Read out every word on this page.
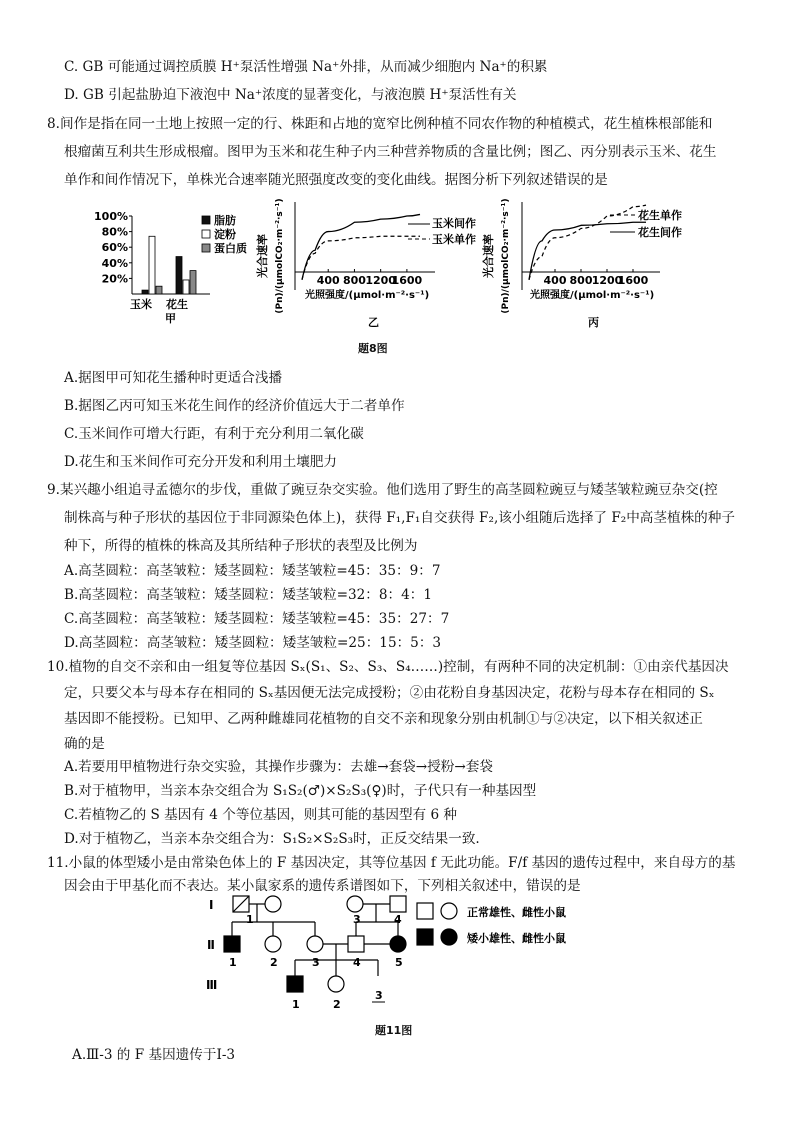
C. GB 可能通过调控质膜 H⁺泵活性增强 Na⁺外排，从而减少细胞内 Na⁺的积累
D. GB 引起盐胁迫下液泡中 Na⁺浓度的显著变化，与液泡膜 H⁺泵活性有关
8.间作是指在同一土地上按照一定的行、株距和占地的宽窄比例种植不同农作物的种植模式，花生植株根部能和
根瘤菌互利共生形成根瘤。图甲为玉米和花生种子内三种营养物质的含量比例；图乙、丙分别表示玉米、花生
单作和间作情况下，单株光合速率随光照强度改变的变化曲线。据图分析下列叙述错误的是
100%
80%
60%
40%
20%
脂肪
淀粉
蛋白质
玉米 花生
甲
光合速率 (Pn)/(μmolCO₂·m⁻²·s⁻¹)	400 800 1200
1600
玉米间作
玉米单作
光照强度/(μmol·m⁻²·s⁻¹)
乙
光合速率 (Pn)/(μmolCO₂·m⁻²·s⁻¹)	400 800 1200
1600
花生单作
花生间作
光照强度/(μmol·m⁻²·s⁻¹)
丙
题8图
A.据图甲可知花生播种时更适合浅播
B.据图乙丙可知玉米花生间作的经济价值远大于二者单作
C.玉米间作可增大行距，有利于充分利用二氧化碳
D.花生和玉米间作可充分开发和利用土壤肥力
9.某兴趣小组追寻孟德尔的步伐，重做了豌豆杂交实验。他们选用了野生的高茎圆粒豌豆与矮茎皱粒豌豆杂交(控
制株高与种子形状的基因位于非同源染色体上)，获得 F₁,F₁自交获得 F₂,该小组随后选择了 F₂中高茎植株的种子
种下，所得的植株的株高及其所结种子形状的表型及比例为
A.高茎圆粒：高茎皱粒：矮茎圆粒：矮茎皱粒=45：35：9：7
B.高茎圆粒：高茎皱粒：矮茎圆粒：矮茎皱粒=32：8：4：1
C.高茎圆粒：高茎皱粒：矮茎圆粒：矮茎皱粒=45：35：27：7
D.高茎圆粒：高茎皱粒：矮茎圆粒：矮茎皱粒=25：15：5：3
10.植物的自交不亲和由一组复等位基因 Sₓ(S₁、S₂、S₃、S₄……)控制，有两种不同的决定机制：①由亲代基因决
定，只要父本与母本存在相同的 Sₓ基因便无法完成授粉；②由花粉自身基因决定，花粉与母本存在相同的 Sₓ
基因即不能授粉。已知甲、乙两种雌雄同花植物的自交不亲和现象分别由机制①与②决定，以下相关叙述正
确的是
A.若要用甲植物进行杂交实验，其操作步骤为：去雄→套袋→授粉→套袋
B.对于植物甲，当亲本杂交组合为 S₁S₂(♂)×S₂S₃(♀)时，子代只有一种基因型
C.若植物乙的 S 基因有 4 个等位基因，则其可能的基因型有 6 种
D.对于植物乙，当亲本杂交组合为：S₁S₂×S₂S₃时，正反交结果一致.
11.小鼠的体型矮小是由常染色体上的 F 基因决定，其等位基因 f 无此功能。F/f 基因的遗传过程中，来自母方的基
因会由于甲基化而不表达。某小鼠家系的遗传系谱图如下，下列相关叙述中，错误的是
Ⅰ
Ⅱ
Ⅲ
1	3	4
1	2	3	4	5
1	2
3
正常雄性、雌性小鼠
矮小雄性、雌性小鼠
题11图
A.Ⅲ-3 的 F 基因遗传于Ⅰ-3
